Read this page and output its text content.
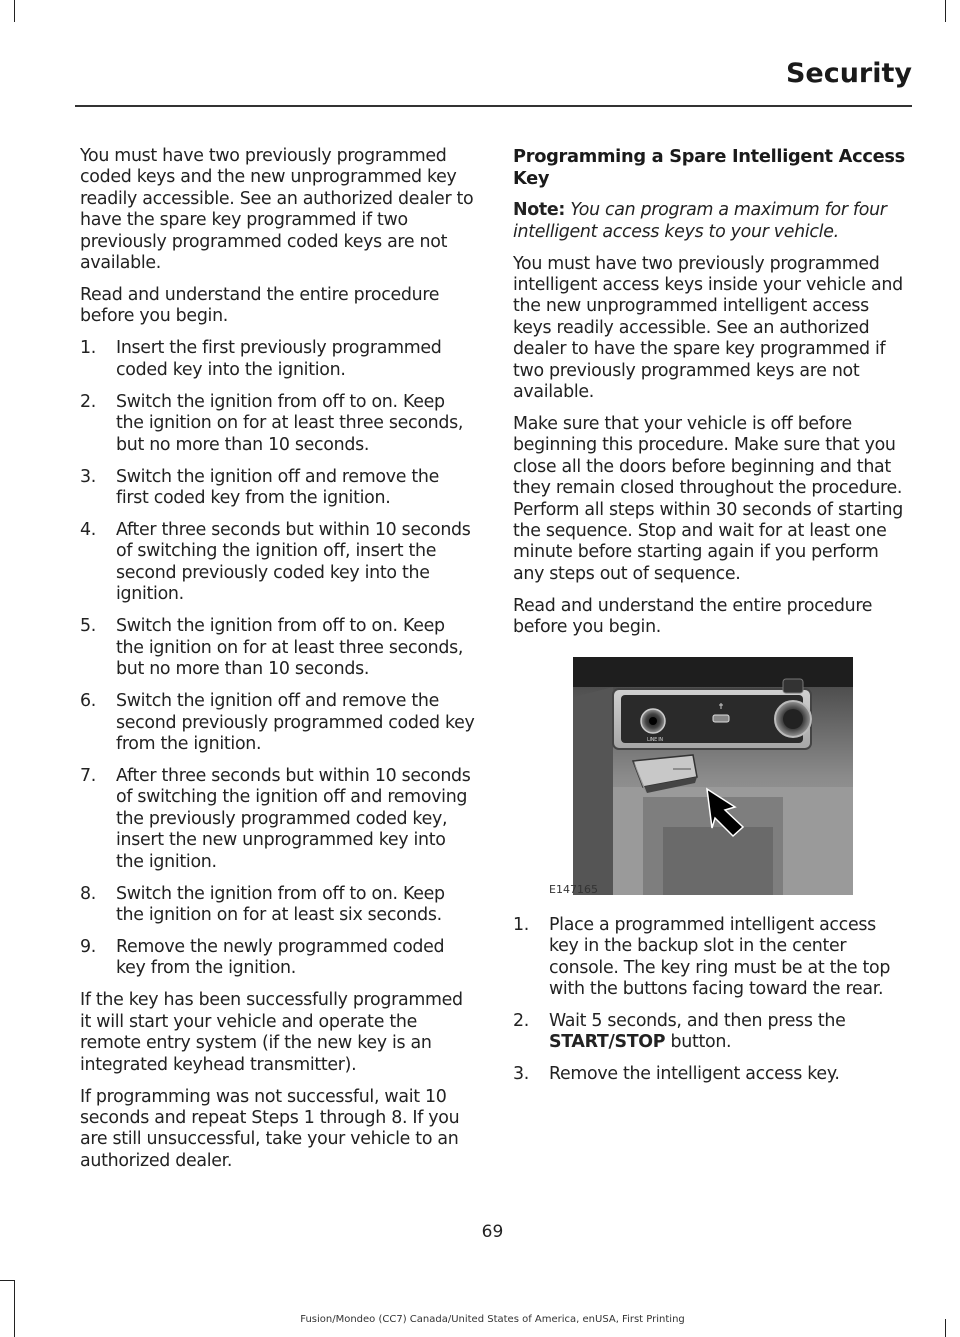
Security

You must have two previously programmed coded keys and the new unprogrammed key readily accessible. See an authorized dealer to have the spare key programmed if two previously programmed coded keys are not available.

Read and understand the entire procedure before you begin.

1. Insert the first previously programmed coded key into the ignition.
2. Switch the ignition from off to on. Keep the ignition on for at least three seconds, but no more than 10 seconds.
3. Switch the ignition off and remove the first coded key from the ignition.
4. After three seconds but within 10 seconds of switching the ignition off, insert the second previously coded key into the ignition.
5. Switch the ignition from off to on. Keep the ignition on for at least three seconds, but no more than 10 seconds.
6. Switch the ignition off and remove the second previously programmed coded key from the ignition.
7. After three seconds but within 10 seconds of switching the ignition off and removing the previously programmed coded key, insert the new unprogrammed key into the ignition.
8. Switch the ignition from off to on. Keep the ignition on for at least six seconds.
9. Remove the newly programmed coded key from the ignition.

If the key has been successfully programmed it will start your vehicle and operate the remote entry system (if the new key is an integrated keyhead transmitter).

If programming was not successful, wait 10 seconds and repeat Steps 1 through 8. If you are still unsuccessful, take your vehicle to an authorized dealer.

Programming a Spare Intelligent Access Key

Note: You can program a maximum for four intelligent access keys to your vehicle.

You must have two previously programmed intelligent access keys inside your vehicle and the new unprogrammed intelligent access keys readily accessible. See an authorized dealer to have the spare key programmed if two previously programmed keys are not available.

Make sure that your vehicle is off before beginning this procedure. Make sure that you close all the doors before beginning and that they remain closed throughout the procedure. Perform all steps within 30 seconds of starting the sequence. Stop and wait for at least one minute before starting again if you perform any steps out of sequence.

Read and understand the entire procedure before you begin.

LINE IN
E147165
1. Place a programmed intelligent access key in the backup slot in the center console. The key ring must be at the top with the buttons facing toward the rear.
2. Wait 5 seconds, and then press the START/STOP button.
3. Remove the intelligent access key.
69
Fusion/Mondeo (CC7) Canada/United States of America, enUSA, First Printing
